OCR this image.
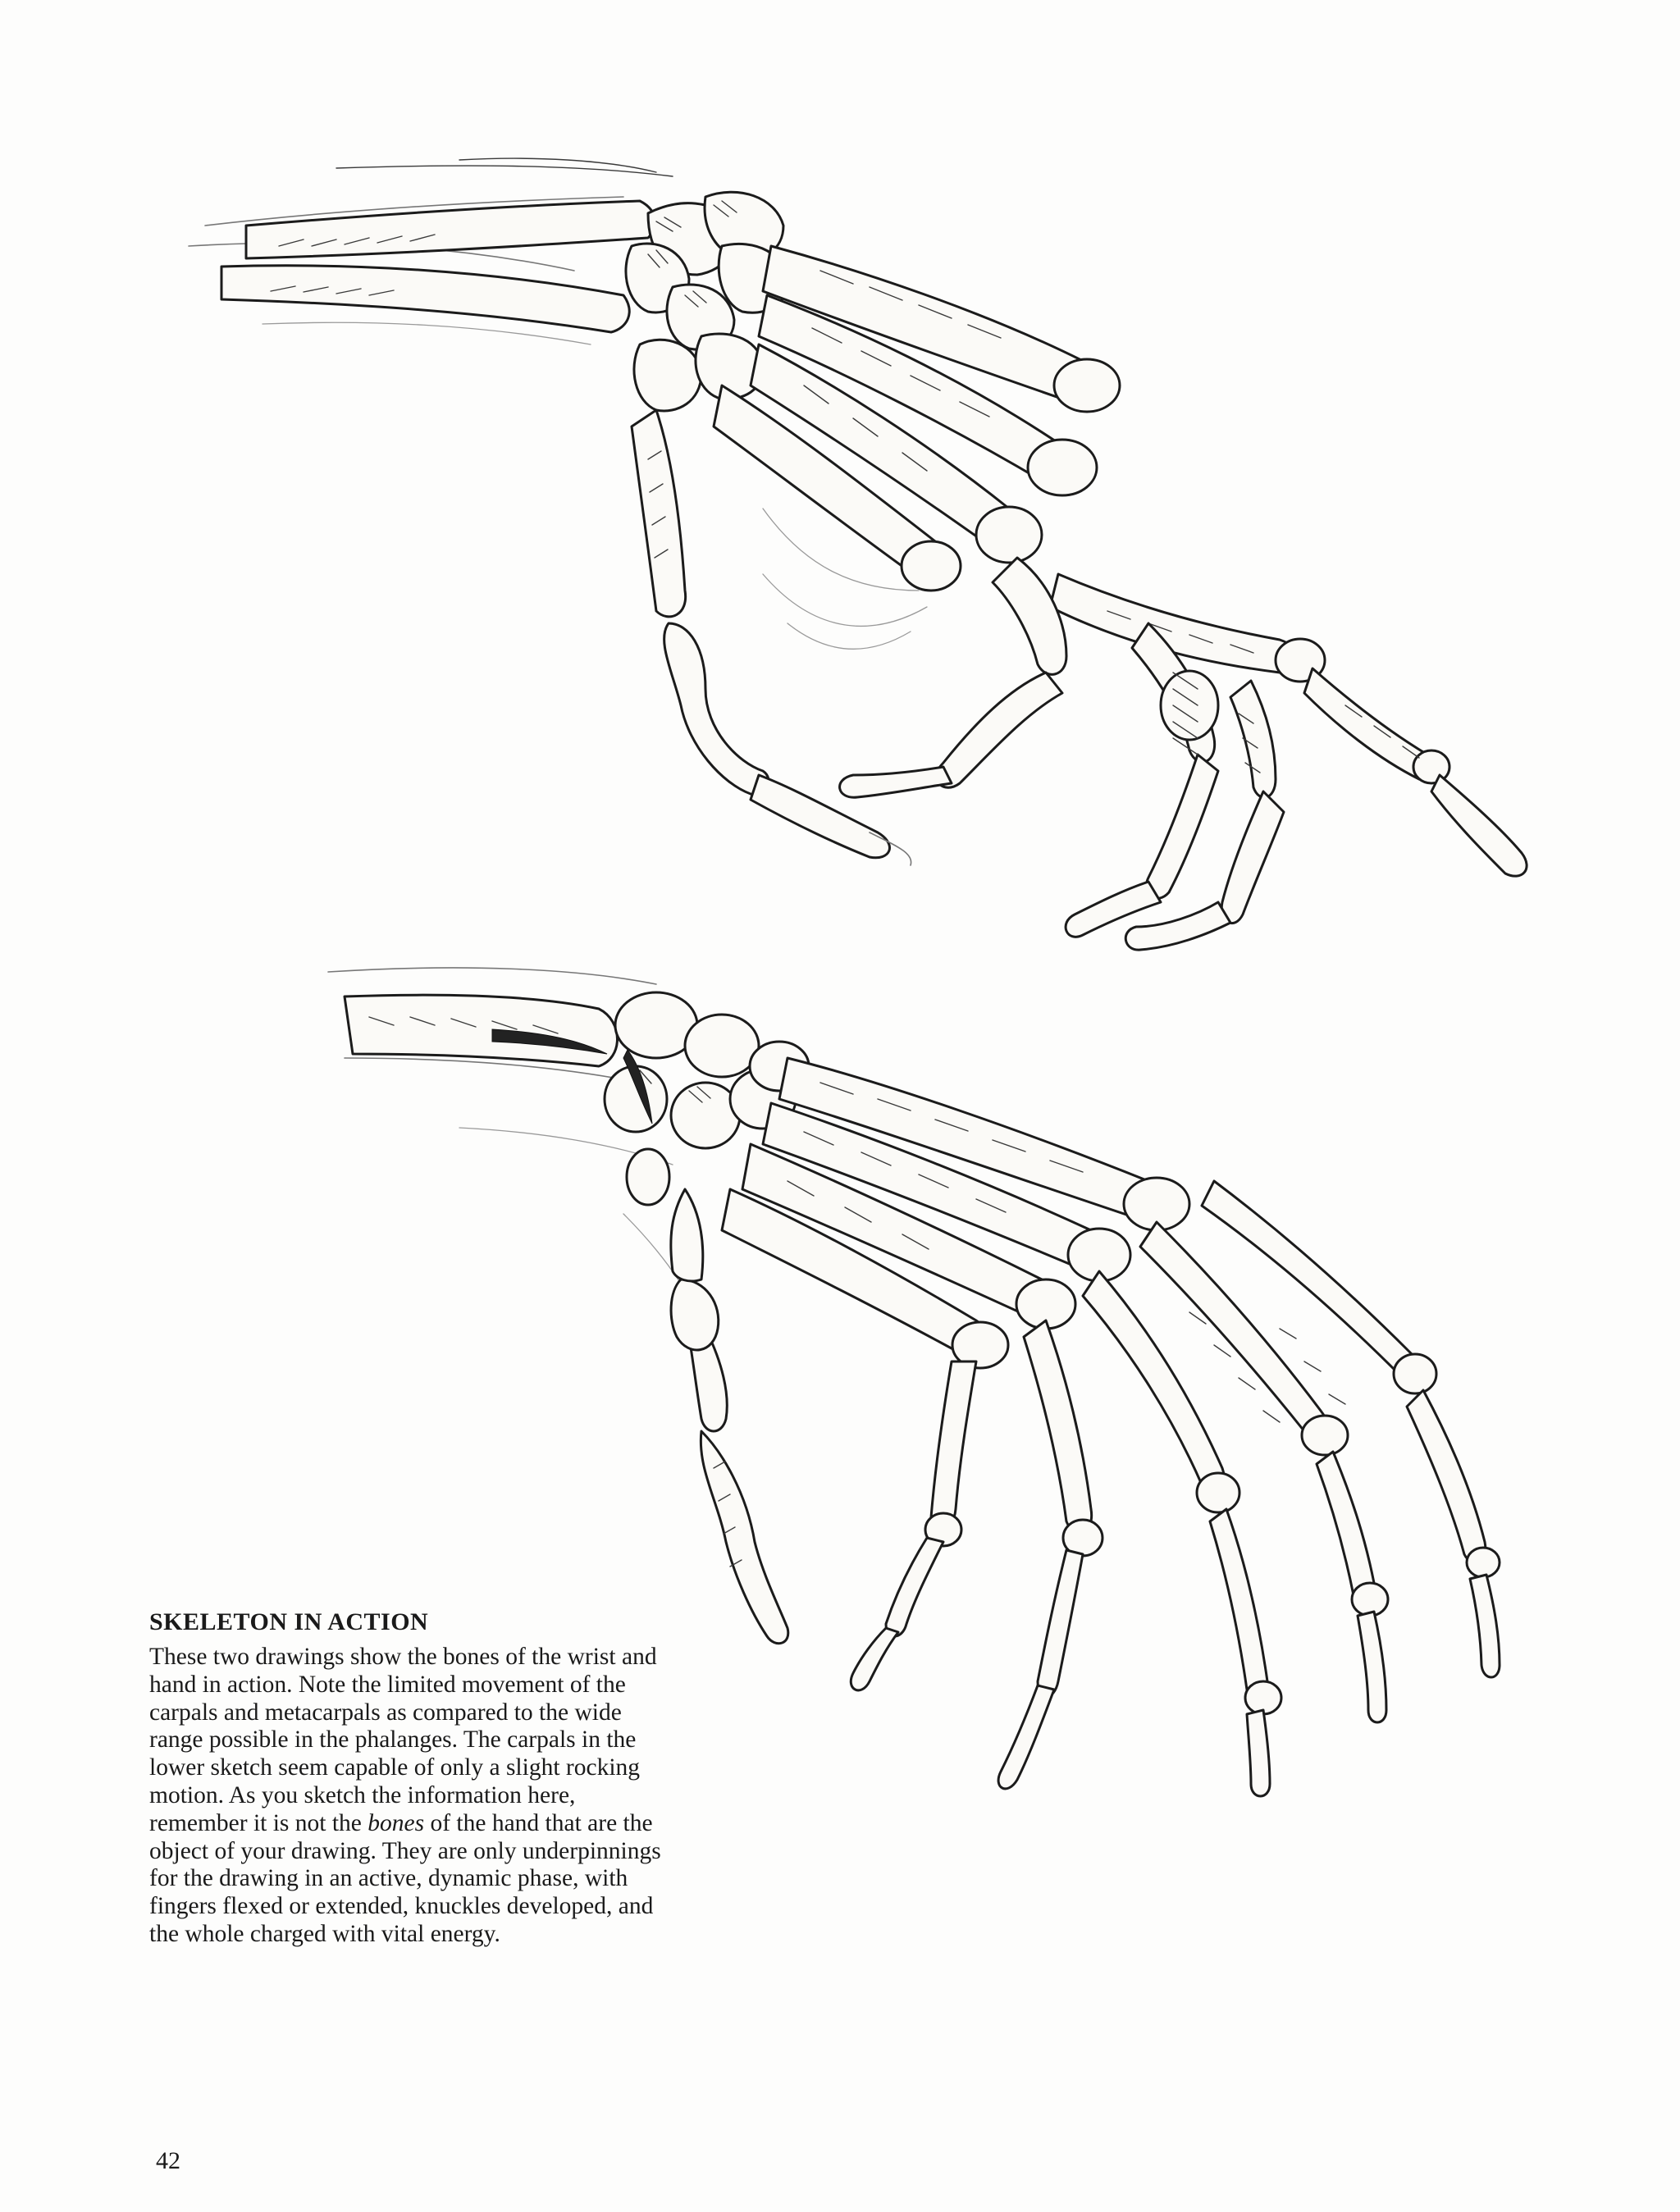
SKELETON IN ACTION

These two drawings show the bones of the wrist and hand in action. Note the limited movement of the carpals and metacarpals as compared to the wide range possible in the phalanges. The carpals in the lower sketch seem capable of only a slight rocking motion. As you sketch the information here, remember it is not the bones of the hand that are the object of your drawing. They are only underpinnings for the drawing in an active, dynamic phase, with fingers flexed or extended, knuckles developed, and the whole charged with vital energy.

42
